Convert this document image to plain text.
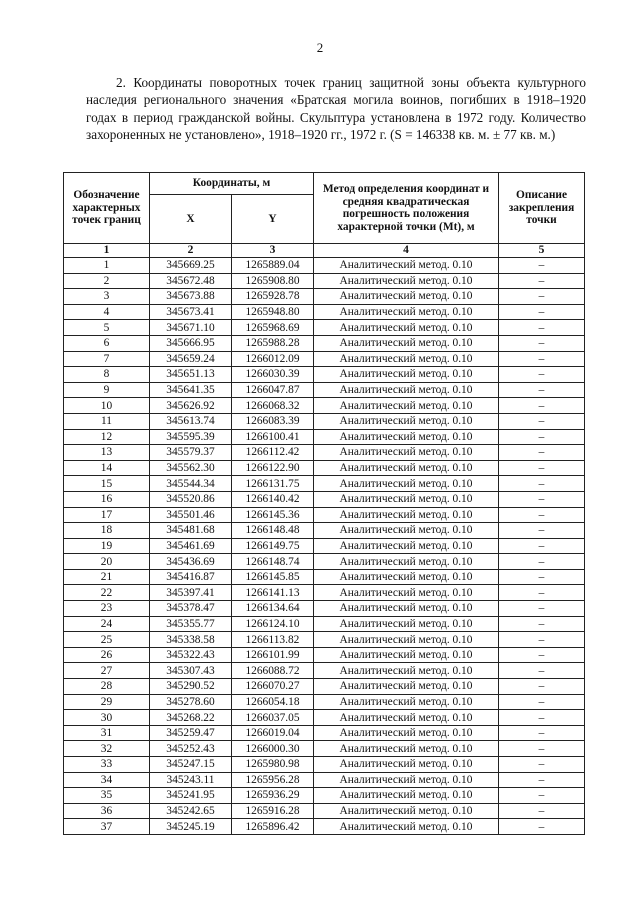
2
2. Координаты поворотных точек границ защитной зоны объекта культурного наследия регионального значения «Братская могила воинов, погибших в 1918–1920 годах в период гражданской войны. Скульптура установлена в 1972 году. Количество захороненных не установлено», 1918–1920 гг., 1972 г. (S = 146338 кв. м. ± 77 кв. м.)
Обозначение характерных точек границ	Координаты, м		Метод определения координат и средняя квадратическая погрешность положения характерной точки (Mt), м	Описание закрепления точки
	X	Y		
1	2	3	4	5
1	345669.25	1265889.04	Аналитический метод. 0.10	–
2	345672.48	1265908.80	Аналитический метод. 0.10	–
3	345673.88	1265928.78	Аналитический метод. 0.10	–
4	345673.41	1265948.80	Аналитический метод. 0.10	–
5	345671.10	1265968.69	Аналитический метод. 0.10	–
6	345666.95	1265988.28	Аналитический метод. 0.10	–
7	345659.24	1266012.09	Аналитический метод. 0.10	–
8	345651.13	1266030.39	Аналитический метод. 0.10	–
9	345641.35	1266047.87	Аналитический метод. 0.10	–
10	345626.92	1266068.32	Аналитический метод. 0.10	–
11	345613.74	1266083.39	Аналитический метод. 0.10	–
12	345595.39	1266100.41	Аналитический метод. 0.10	–
13	345579.37	1266112.42	Аналитический метод. 0.10	–
14	345562.30	1266122.90	Аналитический метод. 0.10	–
15	345544.34	1266131.75	Аналитический метод. 0.10	–
16	345520.86	1266140.42	Аналитический метод. 0.10	–
17	345501.46	1266145.36	Аналитический метод. 0.10	–
18	345481.68	1266148.48	Аналитический метод. 0.10	–
19	345461.69	1266149.75	Аналитический метод. 0.10	–
20	345436.69	1266148.74	Аналитический метод. 0.10	–
21	345416.87	1266145.85	Аналитический метод. 0.10	–
22	345397.41	1266141.13	Аналитический метод. 0.10	–
23	345378.47	1266134.64	Аналитический метод. 0.10	–
24	345355.77	1266124.10	Аналитический метод. 0.10	–
25	345338.58	1266113.82	Аналитический метод. 0.10	–
26	345322.43	1266101.99	Аналитический метод. 0.10	–
27	345307.43	1266088.72	Аналитический метод. 0.10	–
28	345290.52	1266070.27	Аналитический метод. 0.10	–
29	345278.60	1266054.18	Аналитический метод. 0.10	–
30	345268.22	1266037.05	Аналитический метод. 0.10	–
31	345259.47	1266019.04	Аналитический метод. 0.10	–
32	345252.43	1266000.30	Аналитический метод. 0.10	–
33	345247.15	1265980.98	Аналитический метод. 0.10	–
34	345243.11	1265956.28	Аналитический метод. 0.10	–
35	345241.95	1265936.29	Аналитический метод. 0.10	–
36	345242.65	1265916.28	Аналитический метод. 0.10	–
37	345245.19	1265896.42	Аналитический метод. 0.10	–
